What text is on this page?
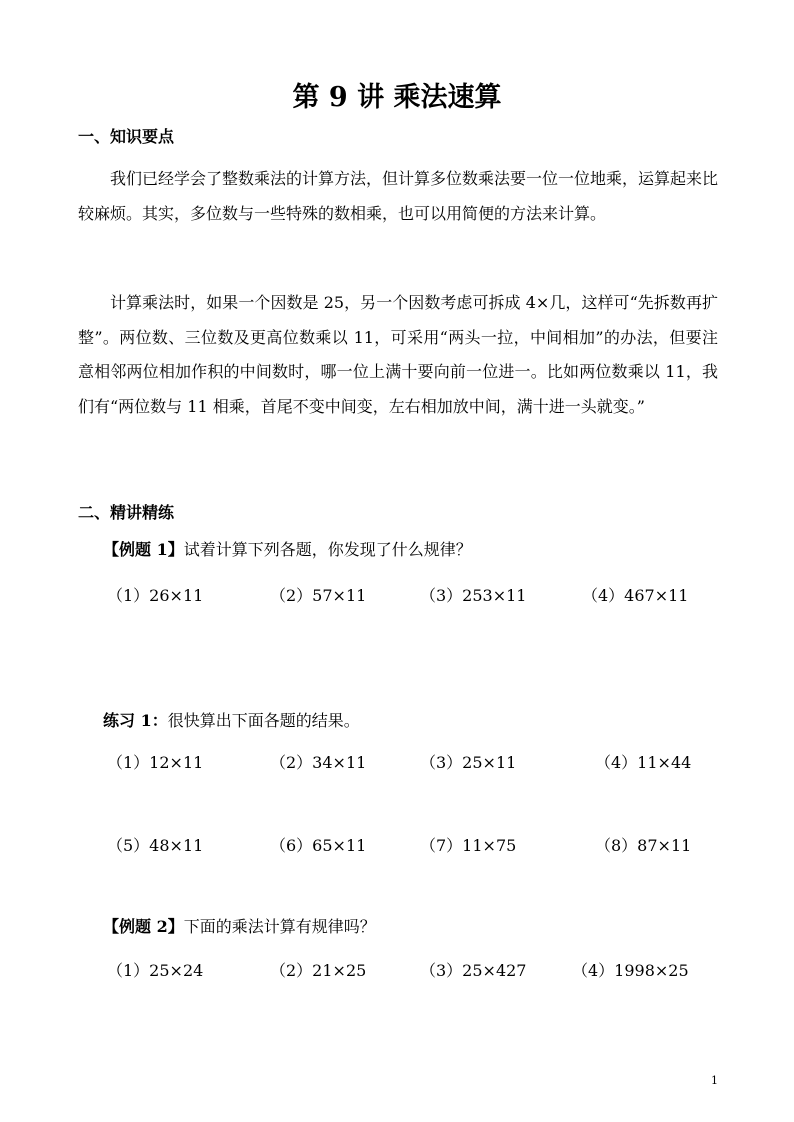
第 9 讲 乘法速算
一、知识要点

我们已经学会了整数乘法的计算方法，但计算多位数乘法要一位一位地乘，运算起来比较麻烦。其实，多位数与一些特殊的数相乘，也可以用简便的方法来计算。

计算乘法时，如果一个因数是 25，另一个因数考虑可拆成 4×几，这样可“先拆数再扩整”。两位数、三位数及更高位数乘以 11，可采用“两头一拉，中间相加”的办法，但要注意相邻两位相加作积的中间数时，哪一位上满十要向前一位进一。比如两位数乘以 11，我们有“两位数与 11 相乘，首尾不变中间变，左右相加放中间，满十进一头就变。”

二、精讲精练
【例题 1】试着计算下列各题，你发现了什么规律？
（1）26×11	（2）57×11	（3）253×11	（4）467×11
练习 1：很快算出下面各题的结果。
（1）12×11	（2）34×11	（3）25×11	（4）11×44
（5）48×11	（6）65×11	（7）11×75	（8）87×11
【例题 2】下面的乘法计算有规律吗？
（1）25×24	（2）21×25	（3）25×427	（4）1998×25
1
